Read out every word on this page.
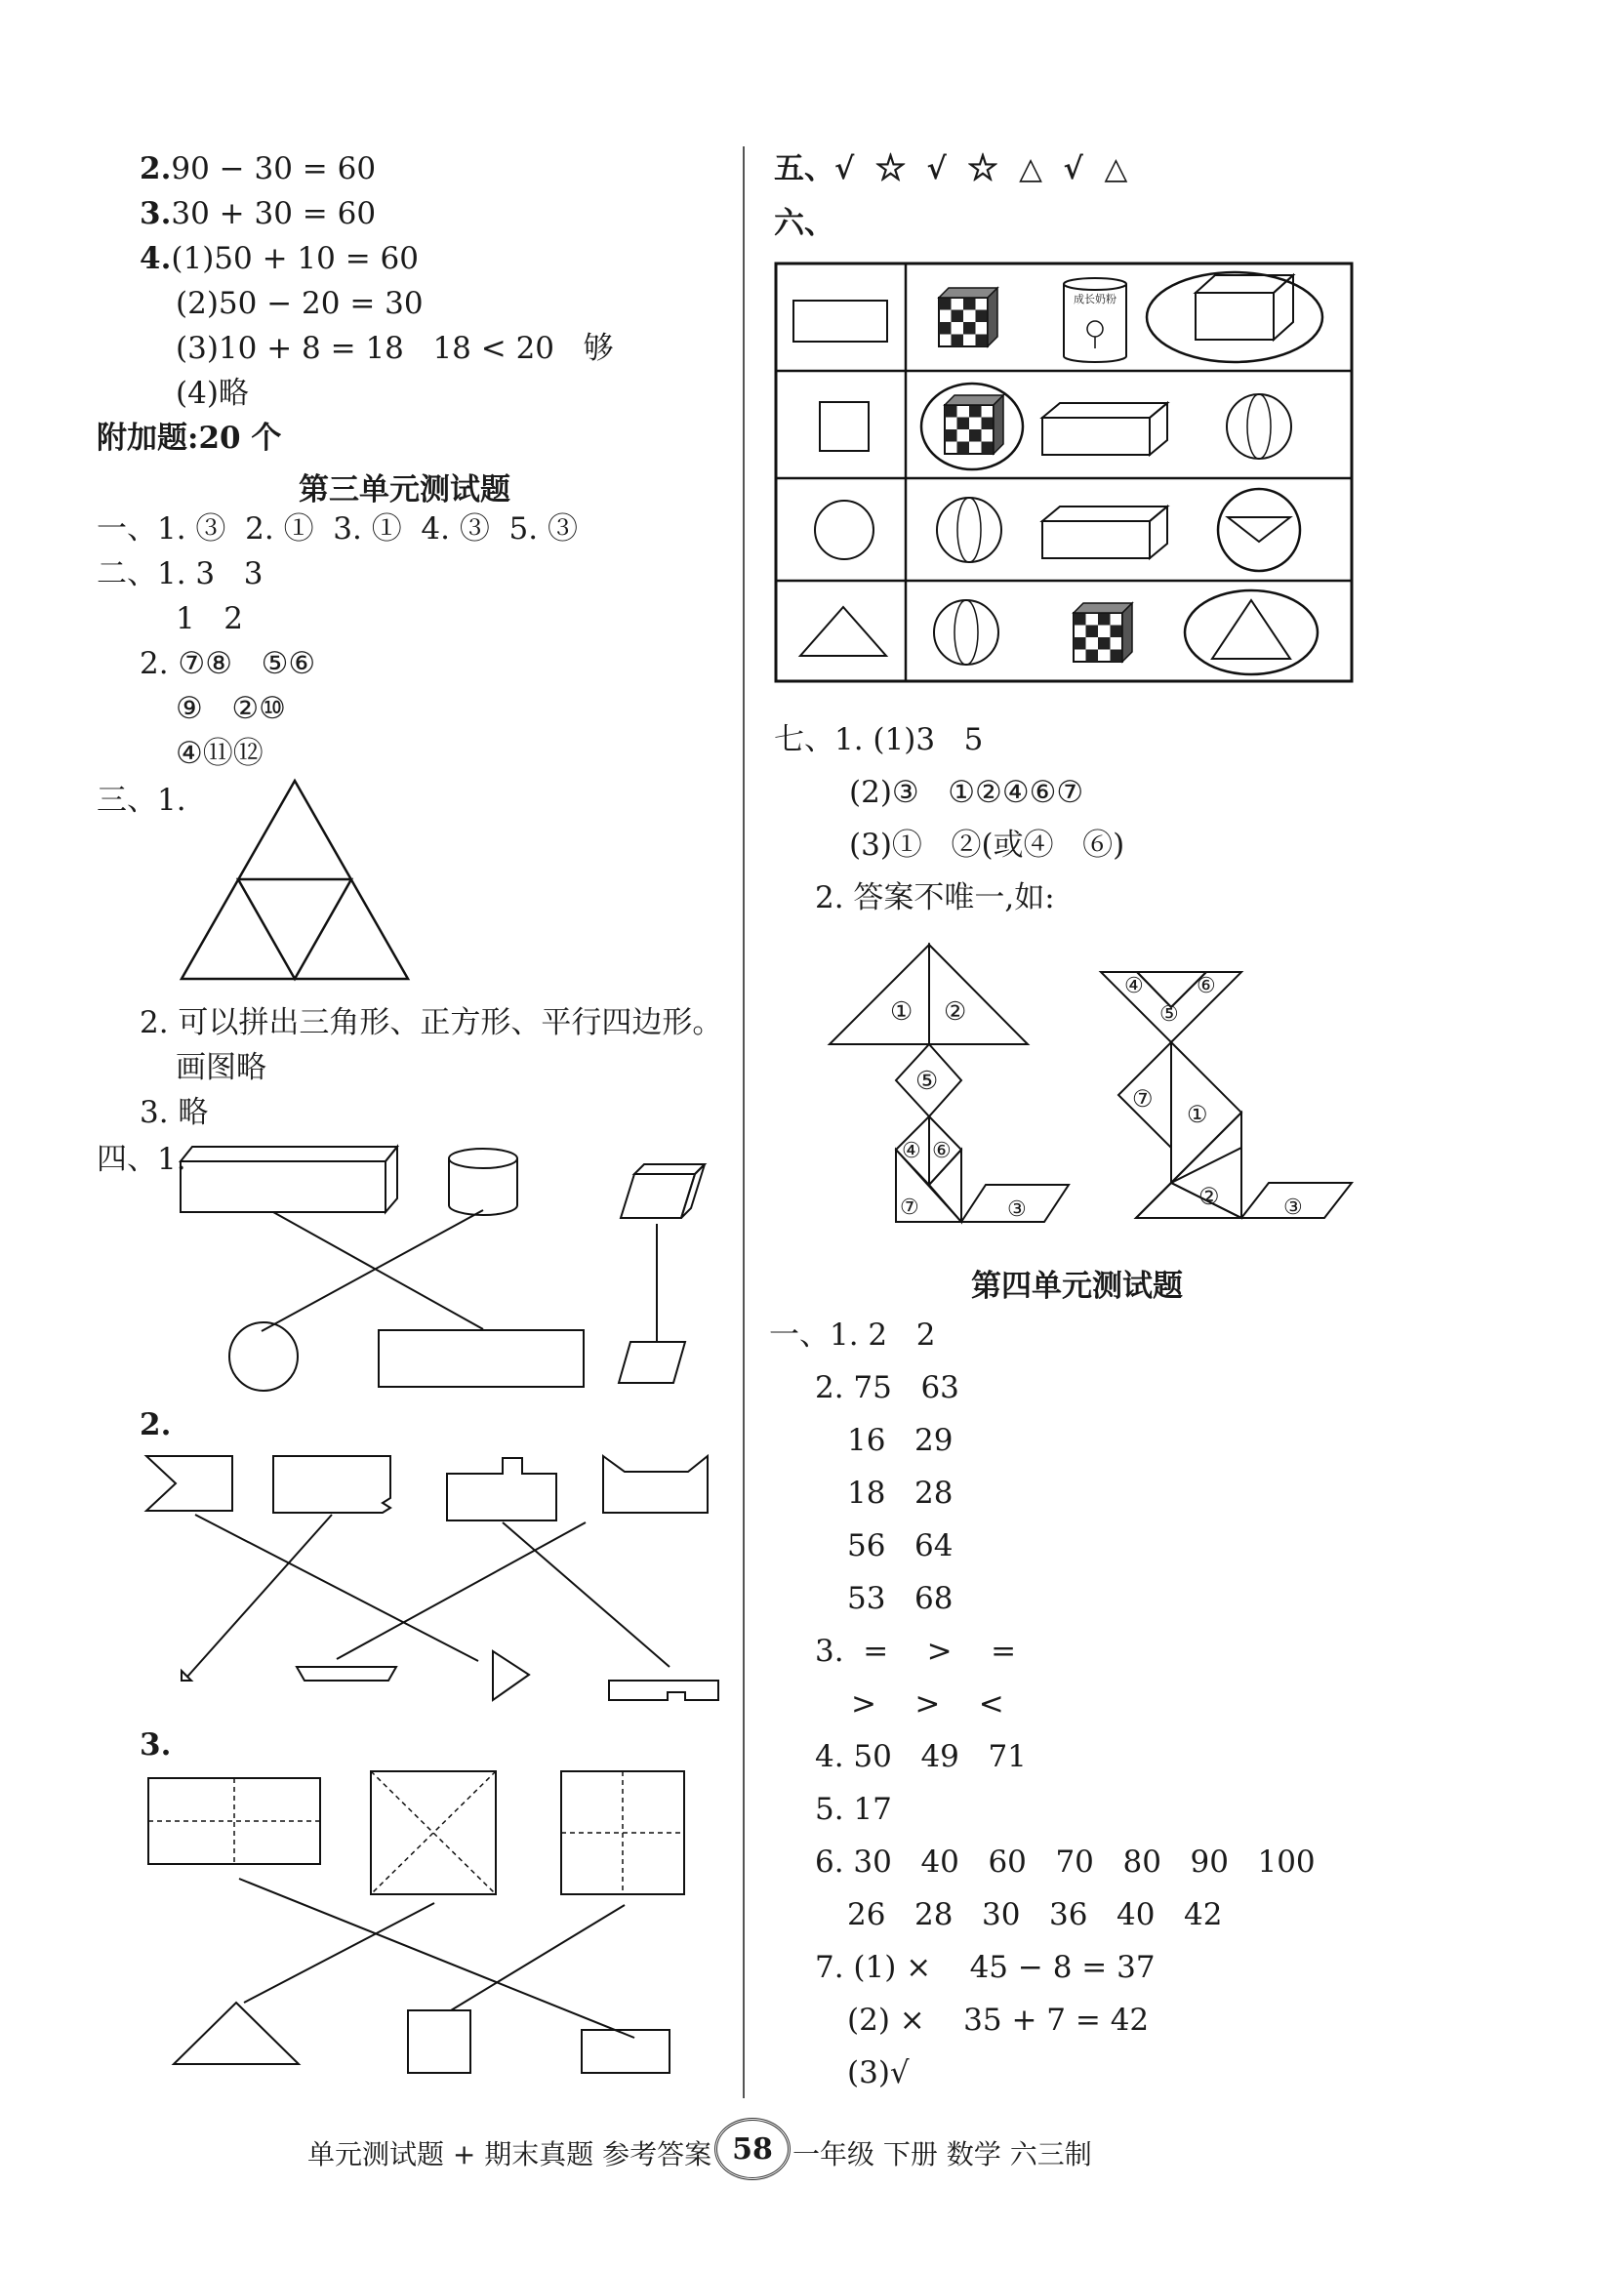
2.90 − 30 = 60
3.30 + 30 = 60
4.(1)50 + 10 = 60
(2)50 − 20 = 30
(3)10 + 8 = 18   18 < 20   够
(4)略
附加题:20 个
第三单元测试题
一、1. ③  2. ①  3. ①  4. ③  5. ③
二、1. 3   3
1   2
2. ⑦⑧   ⑤⑥
⑨   ②⑩
④⑪⑫
三、1.
2. 可以拼出三角形、正方形、平行四边形。
画图略
3. 略
四、1.
2.
3.
五、√  ☆  √  ☆  △  √  △
六、
成长奶粉
七、1. (1)3   5
(2)③   ①②④⑥⑦
(3)①   ②(或④   ⑥)
2. 答案不唯一,如:
① ②
⑤
④ ⑥
⑦	③
④ ⑥
⑤
⑦
①
②	③
第四单元测试题
一、1. 2   2
2. 75   63
16   29
18   28
56   64
53   68
3.  =    >    =
>    >    <
4. 50   49   71
5. 17
6. 30   40   60   70   80   90   100
26   28   30   36   40   42
7. (1) ×    45 − 8 = 37
(2) ×    35 + 7 = 42
(3)√
单元测试题 + 期末真题 参考答案 58 一年级 下册 数学 六三制
